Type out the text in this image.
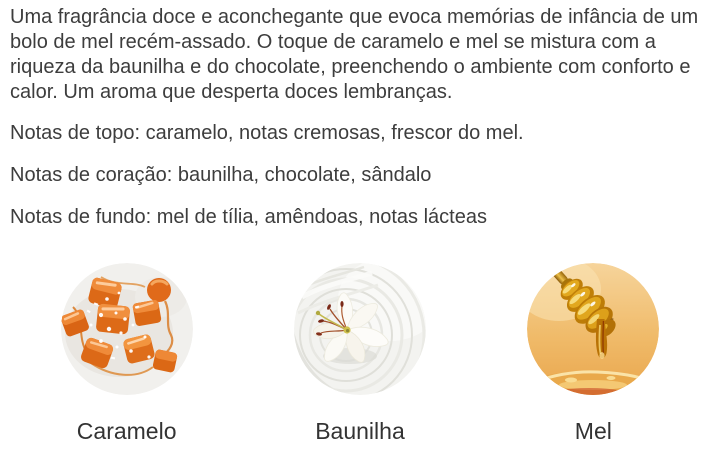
Uma fragrância doce e aconchegante que evoca memórias de infância de um bolo de mel recém-assado. O toque de caramelo e mel se mistura com a riqueza da baunilha e do chocolate, preenchendo o ambiente com conforto e calor. Um aroma que desperta doces lembranças.

Notas de topo: caramelo, notas cremosas, frescor do mel.

Notas de coração: baunilha, chocolate, sândalo

Notas de fundo: mel de tília, amêndoas, notas lácteas

Caramelo	Baunilha	Mel
